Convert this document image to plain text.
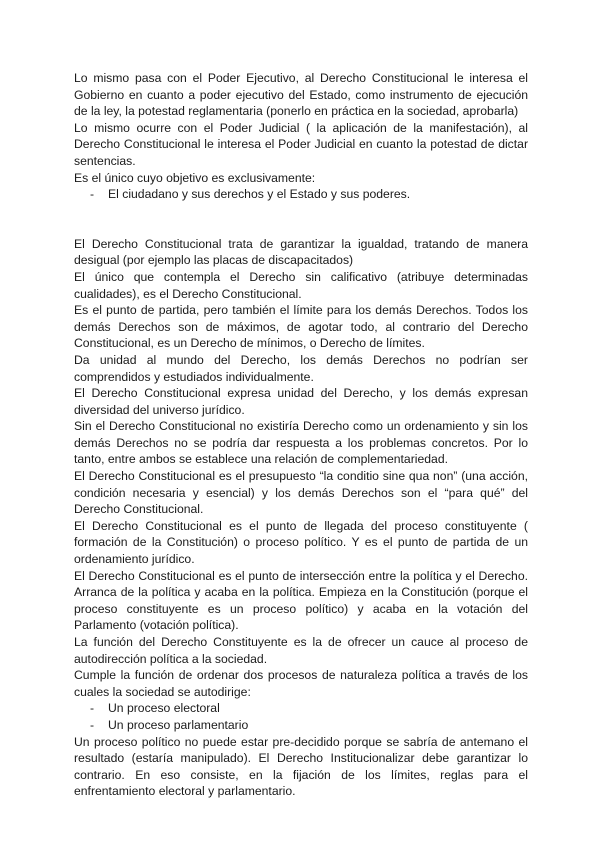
Lo mismo pasa con el Poder Ejecutivo, al Derecho Constitucional le interesa el Gobierno en cuanto a poder ejecutivo del Estado, como instrumento de ejecución de la ley, la potestad reglamentaria (ponerlo en práctica en la sociedad, aprobarla)

Lo mismo ocurre con el Poder Judicial ( la aplicación de la manifestación), al Derecho Constitucional le interesa el Poder Judicial en cuanto la potestad de dictar sentencias.

Es el único cuyo objetivo es exclusivamente:

-	El ciudadano y sus derechos y el Estado y sus poderes.

El Derecho Constitucional trata de garantizar la igualdad, tratando de manera desigual (por ejemplo las placas de discapacitados)

El único que contempla el Derecho sin calificativo (atribuye determinadas cualidades), es el Derecho Constitucional.

Es el punto de partida, pero también el límite para los demás Derechos. Todos los demás Derechos son de máximos, de agotar todo, al contrario del Derecho Constitucional, es un Derecho de mínimos, o Derecho de límites.

Da unidad al mundo del Derecho, los demás Derechos no podrían ser comprendidos y estudiados individualmente.

El Derecho Constitucional expresa unidad del Derecho, y los demás expresan diversidad del universo jurídico.

Sin el Derecho Constitucional no existiría Derecho como un ordenamiento y sin los demás Derechos no se podría dar respuesta a los problemas concretos. Por lo tanto, entre ambos se establece una relación de complementariedad.

El Derecho Constitucional es el presupuesto “la conditio sine qua non” (una acción, condición necesaria y esencial) y los demás Derechos son el “para qué” del Derecho Constitucional.

El Derecho Constitucional es el punto de llegada del proceso constituyente ( formación de la Constitución) o proceso político. Y es el punto de partida de un ordenamiento jurídico.

El Derecho Constitucional es el punto de intersección entre la política y el Derecho. Arranca de la política y acaba en la política. Empieza en la Constitución (porque el proceso constituyente es un proceso político) y acaba en la votación del Parlamento (votación política).

La función del Derecho Constituyente es la de ofrecer un cauce al proceso de autodirección política a la sociedad.

Cumple la función de ordenar dos procesos de naturaleza política a través de los cuales la sociedad se autodirige:

-	Un proceso electoral
-	Un proceso parlamentario

Un proceso político no puede estar pre-decidido porque se sabría de antemano el resultado (estaría manipulado). El Derecho Institucionalizar debe garantizar lo contrario. En eso consiste, en la fijación de los límites, reglas para el enfrentamiento electoral y parlamentario.
